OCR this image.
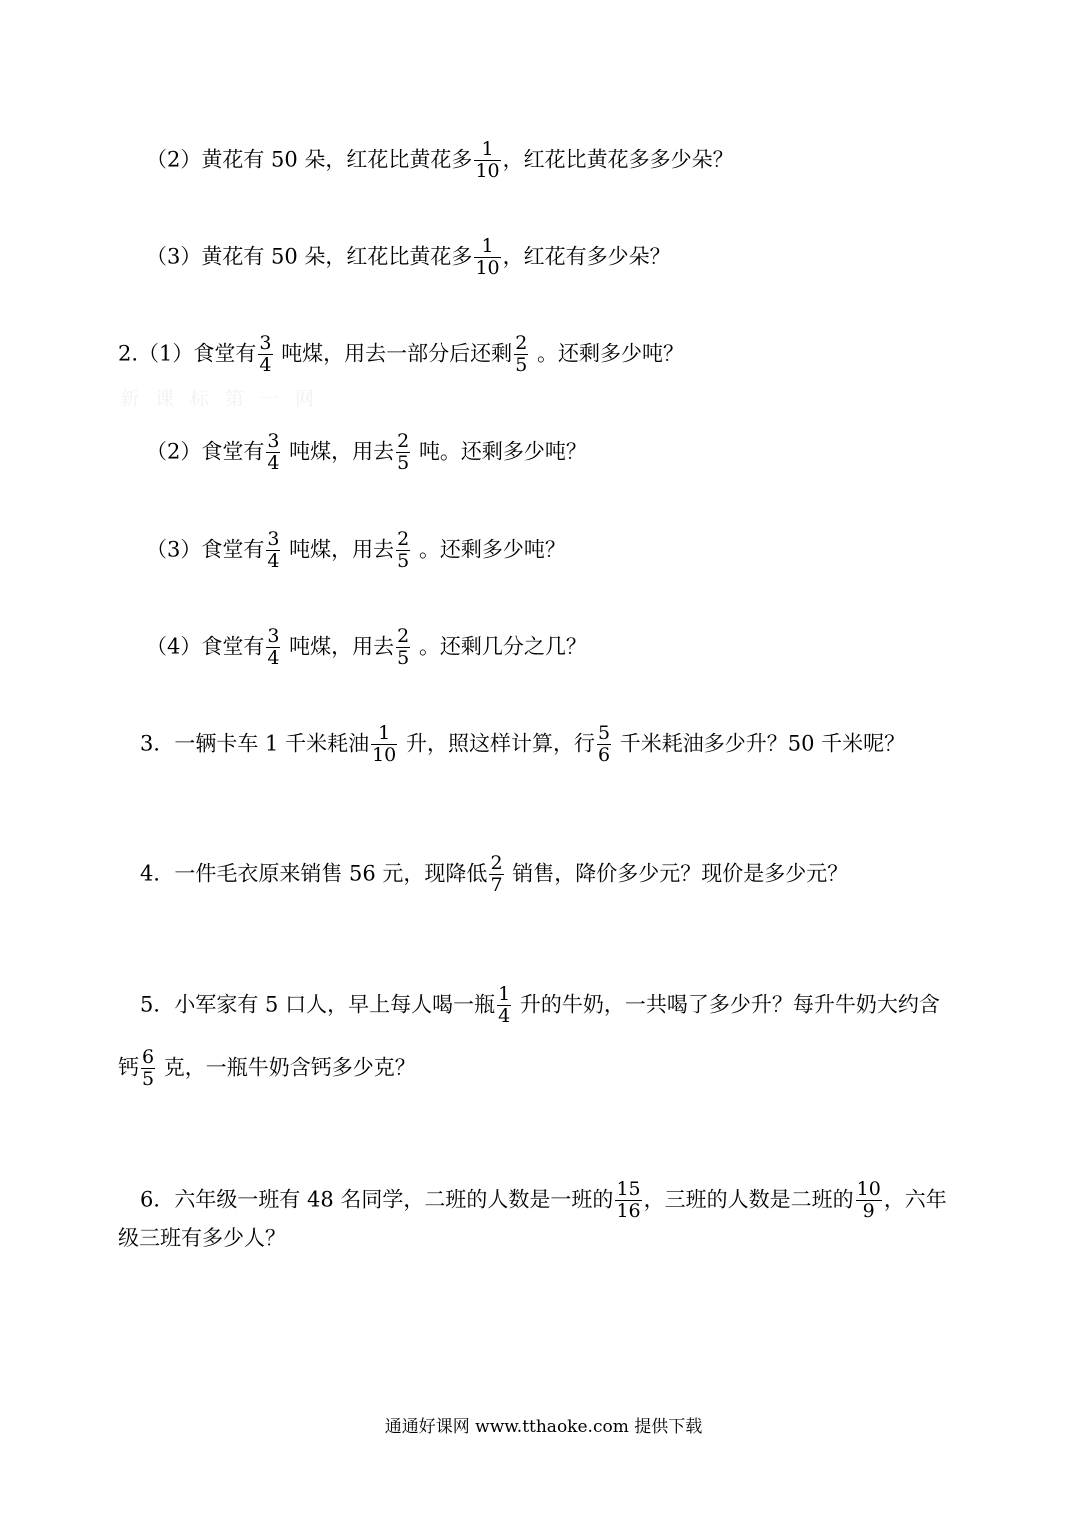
新课标第一网
（2）黄花有 50 朵，红花比黄花多 $\frac{1}{10}$ ，红花比黄花多多少朵？
（3）黄花有 50 朵，红花比黄花多 $\frac{1}{10}$ ，红花有多少朵？
2.（1）食堂有 $\frac{3}{4}$ 吨煤，用去一部分后还剩 $\frac{2}{5}$ 。还剩多少吨？
（2）食堂有 $\frac{3}{4}$ 吨煤，用去 $\frac{2}{5}$ 吨。还剩多少吨？
（3）食堂有 $\frac{3}{4}$ 吨煤，用去 $\frac{2}{5}$ 。还剩多少吨？
（4）食堂有 $\frac{3}{4}$ 吨煤，用去 $\frac{2}{5}$ 。还剩几分之几？
3．一辆卡车 1 千米耗油 $\frac{1}{10}$ 升，照这样计算，行 $\frac{5}{6}$ 千米耗油多少升？50 千米呢？
4．一件毛衣原来销售 56 元，现降低 $\frac{2}{7}$ 销售，降价多少元？现价是多少元？
5．小军家有 5 口人，早上每人喝一瓶 $\frac{1}{4}$ 升的牛奶，一共喝了多少升？每升牛奶大约含
钙 $\frac{6}{5}$ 克，一瓶牛奶含钙多少克？
6．六年级一班有 48 名同学，二班的人数是一班的 $\frac{15}{16}$ ，三班的人数是二班的 $\frac{10}{9}$ ，六年
级三班有多少人？
通通好课网 www.tthaoke.com 提供下载
